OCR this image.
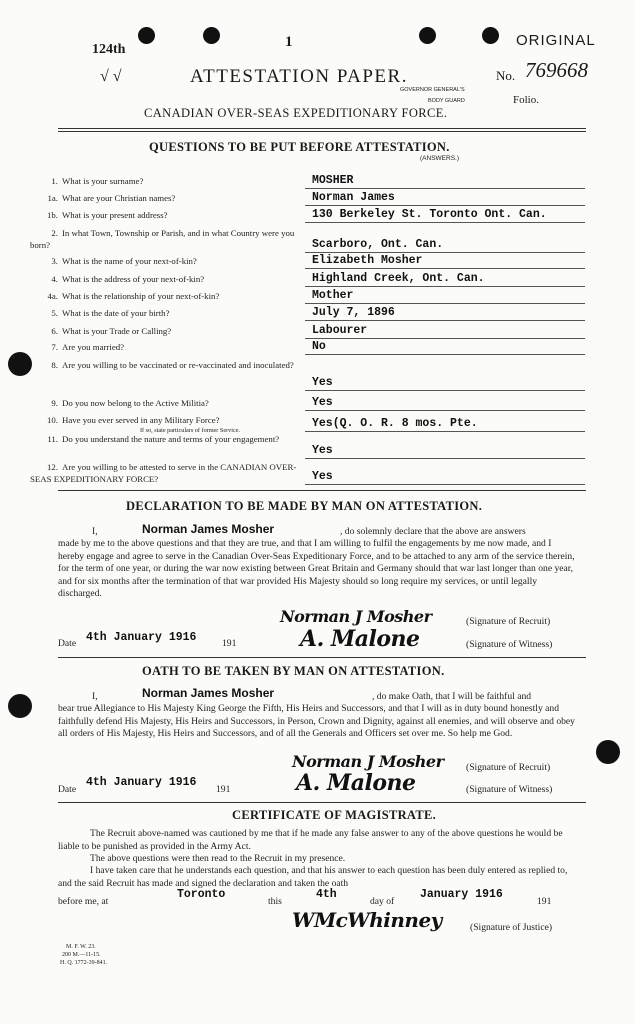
124th	1	ORIGINAL
√ √	ATTESTATION PAPER.
GOVERNOR GENERAL'S
BODY GUARD
No. 769668
Folio.
CANADIAN OVER-SEAS EXPEDITIONARY FORCE.
QUESTIONS TO BE PUT BEFORE ATTESTATION.
(ANSWERS.)
1. What is your surname?	MOSHER
1a. What are your Christian names?	Norman James
1b. What is your present address?	130 Berkeley St. Toronto Ont. Can.
2. In what Town, Township or Parish, and in what Country were you born?	Scarboro, Ont. Can.
3. What is the name of your next-of-kin?	Elizabeth Mosher
4. What is the address of your next-of-kin?	Highland Creek, Ont. Can.
4a. What is the relationship of your next-of-kin?	Mother
5. What is the date of your birth?	July 7, 1896
6. What is your Trade or Calling?	Labourer
7. Are you married?	No
8. Are you willing to be vaccinated or re-vaccinated and inoculated?
Yes
9. Do you now belong to the Active Militia?	Yes
10. Have you ever served in any Military Force?
If so, state particulars of former Service.	Yes(Q. O. R. 8 mos. Pte.
11. Do you understand the nature and terms of your engagement?
Yes
12. Are you willing to be attested to serve in the CANADIAN OVER-SEAS EXPEDITIONARY FORCE?	Yes
DECLARATION TO BE MADE BY MAN ON ATTESTATION.
I,	Norman James Mosher	, do solemnly declare that the above are answers
made by me to the above questions and that they are true, and that I am willing to fulfil the engagements by me now made, and I hereby engage and agree to serve in the Canadian Over-Seas Expeditionary Force, and to be attached to any arm of the service therein, for the term of one year, or during the war now existing between Great Britain and Germany should that war last longer than one year, and for six months after the termination of that war provided His Majesty should so long require my services, or until legally discharged.
Norman J Mosher	(Signature of Recruit)
Date 4th January 1916	191	A. Malone	(Signature of Witness)
OATH TO BE TAKEN BY MAN ON ATTESTATION.
I,	Norman James Mosher	, do make Oath, that I will be faithful and
bear true Allegiance to His Majesty King George the Fifth, His Heirs and Successors, and that I will as in duty bound honestly and faithfully defend His Majesty, His Heirs and Successors, in Person, Crown and Dignity, against all enemies, and will observe and obey all orders of His Majesty, His Heirs and Successors, and of all the Generals and Officers set over me. So help me God.
Norman J Mosher (Signature of Recruit)
Date
4th January 1916
191	A. Malone	(Signature of Witness)
CERTIFICATE OF MAGISTRATE.
The Recruit above-named was cautioned by me that if he made any false answer to any of the above questions he would be liable to be punished as provided in the Army Act.
The above questions were then read to the Recruit in my presence.
I have taken care that he understands each question, and that his answer to each question has been duly entered as replied to, and the said Recruit has made and signed the declaration and taken the oath
before me, at
Toronto
this
4th
day of
January 1916
191
WMcWhinney	(Signature of Justice)
M. F. W. 23.
200 M.—11-15.
H. Q. 1772-39-841.
